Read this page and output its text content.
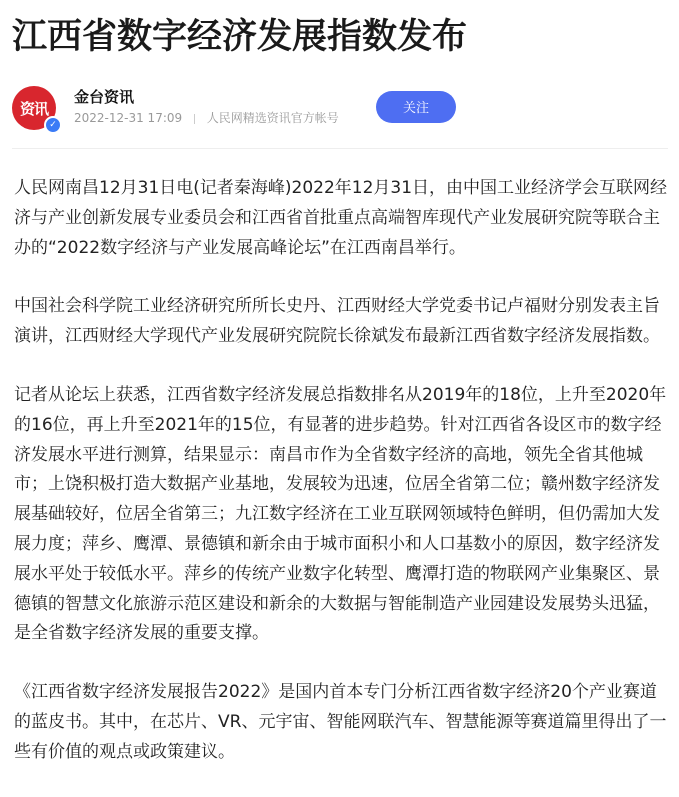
江西省数字经济发展指数发布
资讯
✓
金台资讯
2022-12-31 17:09 人民网精选资讯官方帐号
关注

人民网南昌12月31日电(记者秦海峰)2022年12月31日，由中国工业经济学会互联网经济与产业创新发展专业委员会和江西省首批重点高端智库现代产业发展研究院等联合主办的“2022数字经济与产业发展高峰论坛”在江西南昌举行。

中国社会科学院工业经济研究所所长史丹、江西财经大学党委书记卢福财分别发表主旨演讲，江西财经大学现代产业发展研究院院长徐斌发布最新江西省数字经济发展指数。

记者从论坛上获悉，江西省数字经济发展总指数排名从2019年的18位，上升至2020年的16位，再上升至2021年的15位，有显著的进步趋势。针对江西省各设区市的数字经济发展水平进行测算，结果显示：南昌市作为全省数字经济的高地，领先全省其他城市；上饶积极打造大数据产业基地，发展较为迅速，位居全省第二位；赣州数字经济发展基础较好，位居全省第三；九江数字经济在工业互联网领域特色鲜明，但仍需加大发展力度；萍乡、鹰潭、景德镇和新余由于城市面积小和人口基数小的原因，数字经济发展水平处于较低水平。萍乡的传统产业数字化转型、鹰潭打造的物联网产业集聚区、景德镇的智慧文化旅游示范区建设和新余的大数据与智能制造产业园建设发展势头迅猛，是全省数字经济发展的重要支撑。

《江西省数字经济发展报告2022》是国内首本专门分析江西省数字经济20个产业赛道的蓝皮书。其中，在芯片、VR、元宇宙、智能网联汽车、智慧能源等赛道篇里得出了一些有价值的观点或政策建议。
